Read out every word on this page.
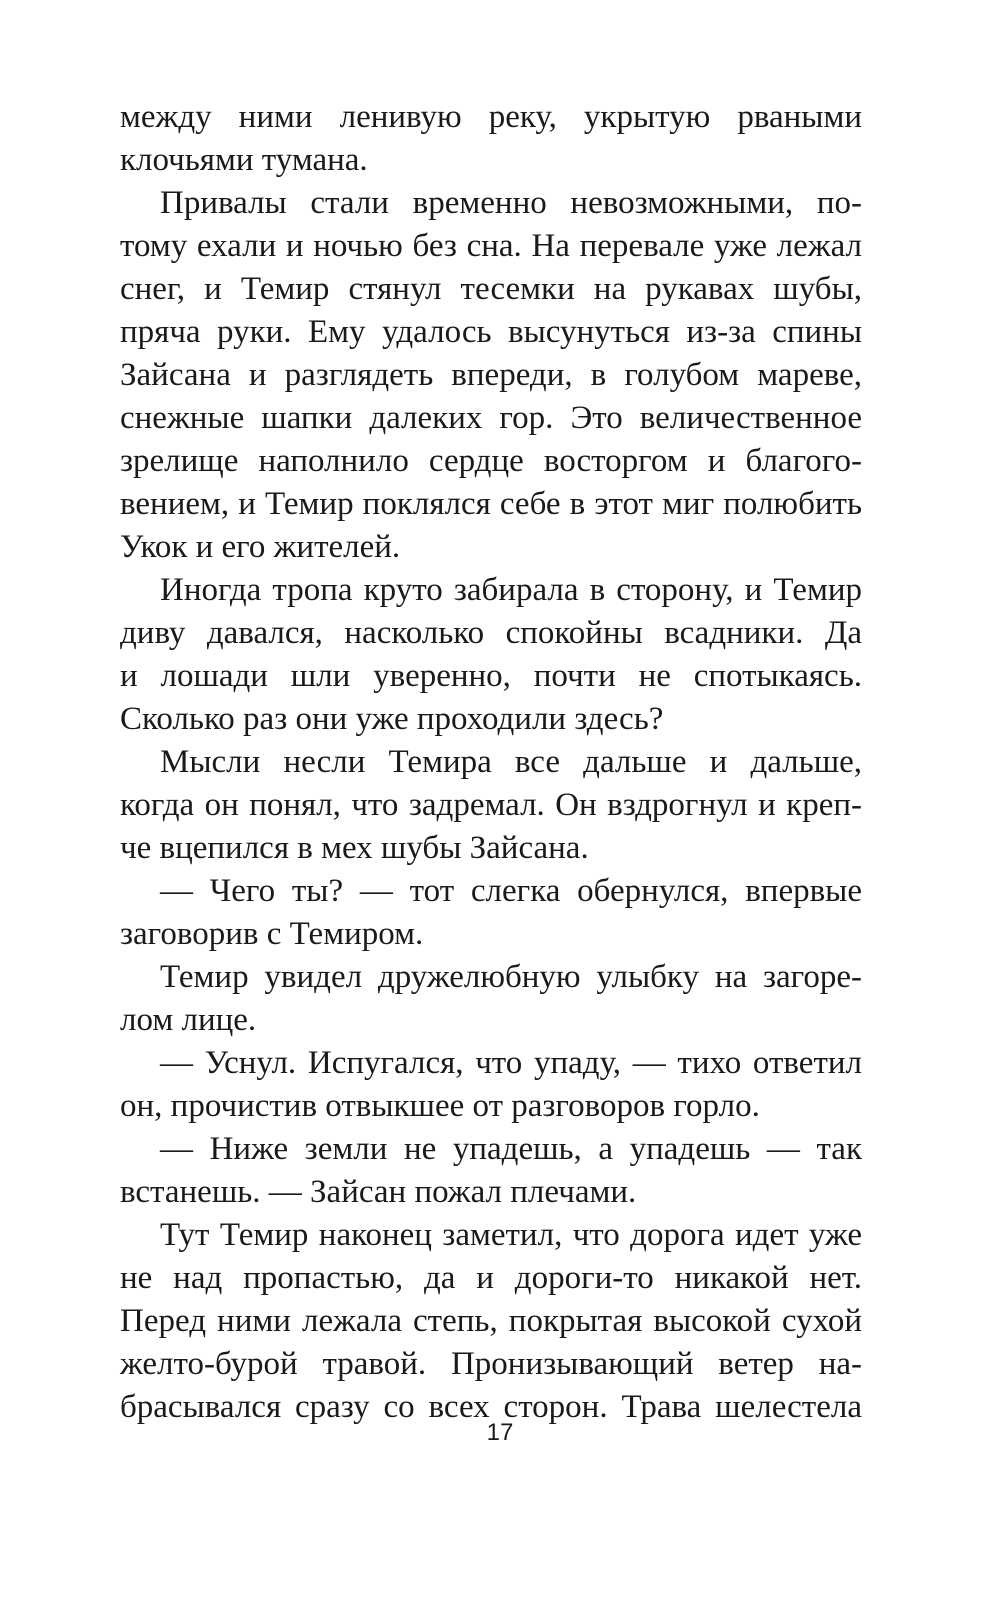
между ними ленивую реку, укрытую рваными
клочьями тумана.
Привалы стали временно невозможными, по-
тому ехали и ночью без сна. На перевале уже лежал
снег, и Темир стянул тесемки на рукавах шубы,
пряча руки. Ему удалось высунуться из-за спины
Зайсана и разглядеть впереди, в голубом мареве,
снежные шапки далеких гор. Это величественное
зрелище наполнило сердце восторгом и благого-
вением, и Темир поклялся себе в этот миг полюбить
Укок и его жителей.
Иногда тропа круто забирала в сторону, и Темир
диву давался, насколько спокойны всадники. Да
и лошади шли уверенно, почти не спотыкаясь.
Сколько раз они уже проходили здесь?
Мысли несли Темира все дальше и дальше,
когда он понял, что задремал. Он вздрогнул и креп-
че вцепился в мех шубы Зайсана.
— Чего ты? — тот слегка обернулся, впервые
заговорив с Темиром.
Темир увидел дружелюбную улыбку на загоре-
лом лице.
— Уснул. Испугался, что упаду, — тихо ответил
он, прочистив отвыкшее от разговоров горло.
— Ниже земли не упадешь, а упадешь — так
встанешь. — Зайсан пожал плечами.
Тут Темир наконец заметил, что дорога идет уже
не над пропастью, да и дороги-то никакой нет.
Перед ними лежала степь, покрытая высокой сухой
желто-бурой травой. Пронизывающий ветер на-
брасывался сразу со всех сторон. Трава шелестела
17
